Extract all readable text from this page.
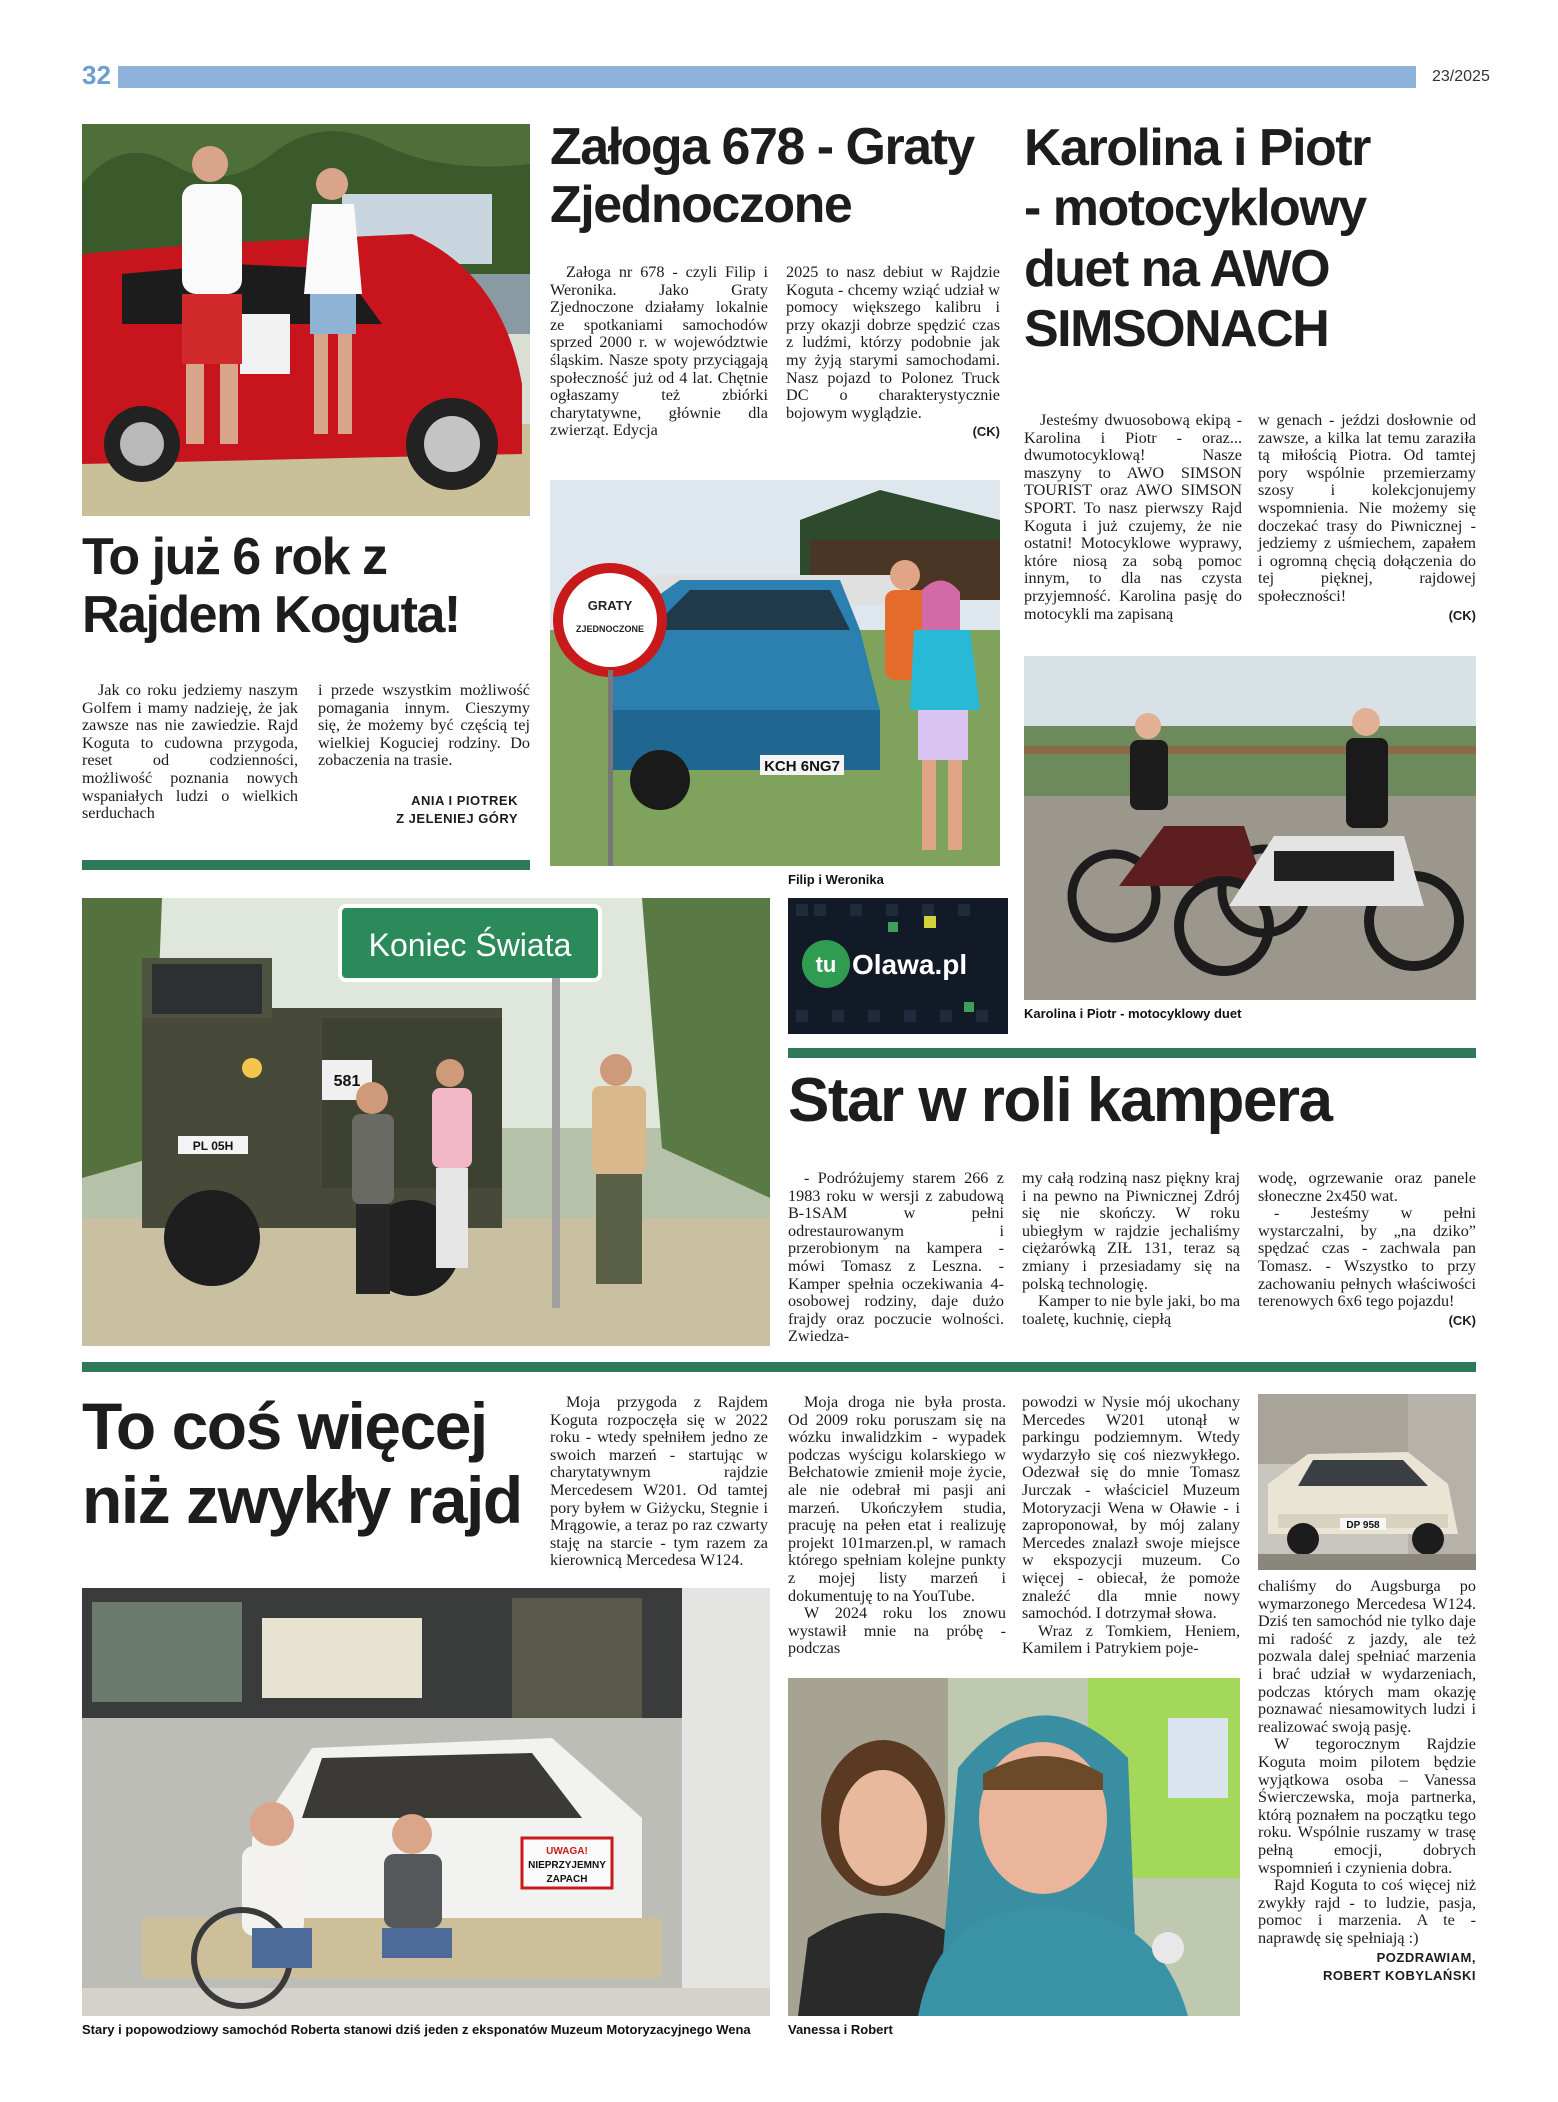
32	23/2025
To już 6 rok z
Rajdem Koguta!

Jak co roku jedziemy naszym Golfem i mamy nadzieję, że jak zawsze nas nie zawiedzie. Rajd Koguta to cudowna przygoda, reset od codzienności, możliwość poznania nowych wspaniałych ludzi o wielkich serduchach

i przede wszystkim możliwość pomagania innym. Cieszymy się, że możemy być częścią tej wielkiej Koguciej rodziny. Do zobaczenia na trasie.

ANIA I PIOTREK
Z JELENIEJ GÓRY
Załoga 678 - Graty
Zjednoczone

Załoga nr 678 - czyli Filip i Weronika. Jako Graty Zjednoczone działamy lokalnie ze spotkaniami samochodów sprzed 2000 r. w województwie śląskim. Nasze spoty przyciągają społeczność już od 4 lat. Chętnie ogłaszamy też zbiórki charytatywne, głównie dla zwierząt. Edycja

2025 to nasz debiut w Rajdzie Koguta - chcemy wziąć udział w pomocy większego kalibru i przy okazji dobrze spędzić czas z ludźmi, którzy podobnie jak my żyją starymi samochodami. Nasz pojazd to Polonez Truck DC o charakterystycznie bojowym wyglądzie.

(CK)
KCH 6NG7
GRATY
ZJEDNOCZONE
Filip i Weronika
Karolina i Piotr
- motocyklowy
duet na AWO
SIMSONACH

Jesteśmy dwuosobową ekipą - Karolina i Piotr - oraz... dwumotocyklową! Nasze maszyny to AWO SIMSON TOURIST oraz AWO SIMSON SPORT. To nasz pierwszy Rajd Koguta i już czujemy, że nie ostatni! Motocyklowe wyprawy, które niosą za sobą pomoc innym, to dla nas czysta przyjemność. Karolina pasję do motocykli ma zapisaną

w genach - jeździ dosłownie od zawsze, a kilka lat temu zaraziła tą miłością Piotra. Od tamtej pory wspólnie przemierzamy szosy i kolekcjonujemy wspomnienia. Nie możemy się doczekać trasy do Piwnicznej - jedziemy z uśmiechem, zapałem i ogromną chęcią dołączenia do tej pięknej, rajdowej społeczności!

(CK)
Karolina i Piotr - motocyklowy duet
581
PL 05H
Koniec Świata
tu Olawa.pl
Star w roli kampera

- Podróżujemy starem 266 z 1983 roku w wersji z zabudową B-1SAM w pełni odrestaurowanym i przerobionym na kampera - mówi Tomasz z Leszna. - Kamper spełnia oczekiwania 4-osobowej rodziny, daje dużo frajdy oraz poczucie wolności. Zwiedza-

my całą rodziną nasz piękny kraj i na pewno na Piwnicznej Zdrój się nie skończy. W roku ubiegłym w rajdzie jechaliśmy ciężarówką ZIŁ 131, teraz są zmiany i przesiadamy się na polską technologię.

Kamper to nie byle jaki, bo ma toaletę, kuchnię, ciepłą

wodę, ogrzewanie oraz panele słoneczne 2x450 wat.

- Jesteśmy w pełni wystarczalni, by „na dziko” spędzać czas - zachwala pan Tomasz. - Wszystko to przy zachowaniu pełnych właściwości terenowych 6x6 tego pojazdu!

(CK)
To coś więcej
niż zwykły rajd

Moja przygoda z Rajdem Koguta rozpoczęła się w 2022 roku - wtedy spełniłem jedno ze swoich marzeń - startując w charytatywnym rajdzie Mercedesem W201. Od tamtej pory byłem w Giżycku, Stegnie i Mrągowie, a teraz po raz czwarty staję na starcie - tym razem za kierownicą Mercedesa W124.

Moja droga nie była prosta. Od 2009 roku poruszam się na wózku inwalidzkim - wypadek podczas wyścigu kolarskiego w Bełchatowie zmienił moje życie, ale nie odebrał mi pasji ani marzeń. Ukończyłem studia, pracuję na pełen etat i realizuję projekt 101marzen.pl, w ramach którego spełniam kolejne punkty z mojej listy marzeń i dokumentuję to na YouTube.

W 2024 roku los znowu wystawił mnie na próbę - podczas

powodzi w Nysie mój ukochany Mercedes W201 utonął w parkingu podziemnym. Wtedy wydarzyło się coś niezwykłego. Odezwał się do mnie Tomasz Jurczak - właściciel Muzeum Motoryzacji Wena w Oławie - i zaproponował, by mój zalany Mercedes znalazł swoje miejsce w ekspozycji muzeum. Co więcej - obiecał, że pomoże znaleźć dla mnie nowy samochód. I dotrzymał słowa.

Wraz z Tomkiem, Heniem, Kamilem i Patrykiem poje-

DP 958

chaliśmy do Augsburga po wymarzonego Mercedesa W124. Dziś ten samochód nie tylko daje mi radość z jazdy, ale też pozwala dalej spełniać marzenia i brać udział w wydarzeniach, podczas których mam okazję poznawać niesamowitych ludzi i realizować swoją pasję.

W tegorocznym Rajdzie Koguta moim pilotem będzie wyjątkowa osoba – Vanessa Świerczewska, moja partnerka, którą poznałem na początku tego roku. Wspólnie ruszamy w trasę pełną emocji, dobrych wspomnień i czynienia dobra.

Rajd Koguta to coś więcej niż zwykły rajd - to ludzie, pasja, pomoc i marzenia. A te - naprawdę się spełniają :)

POZDRAWIAM,
ROBERT KOBYLAŃSKI
UWAGA!
NIEPRZYJEMNY
ZAPACH
Stary i popowodziowy samochód Roberta stanowi dziś jeden z eksponatów Muzeum Motoryzacyjnego Wena	Vanessa i Robert
